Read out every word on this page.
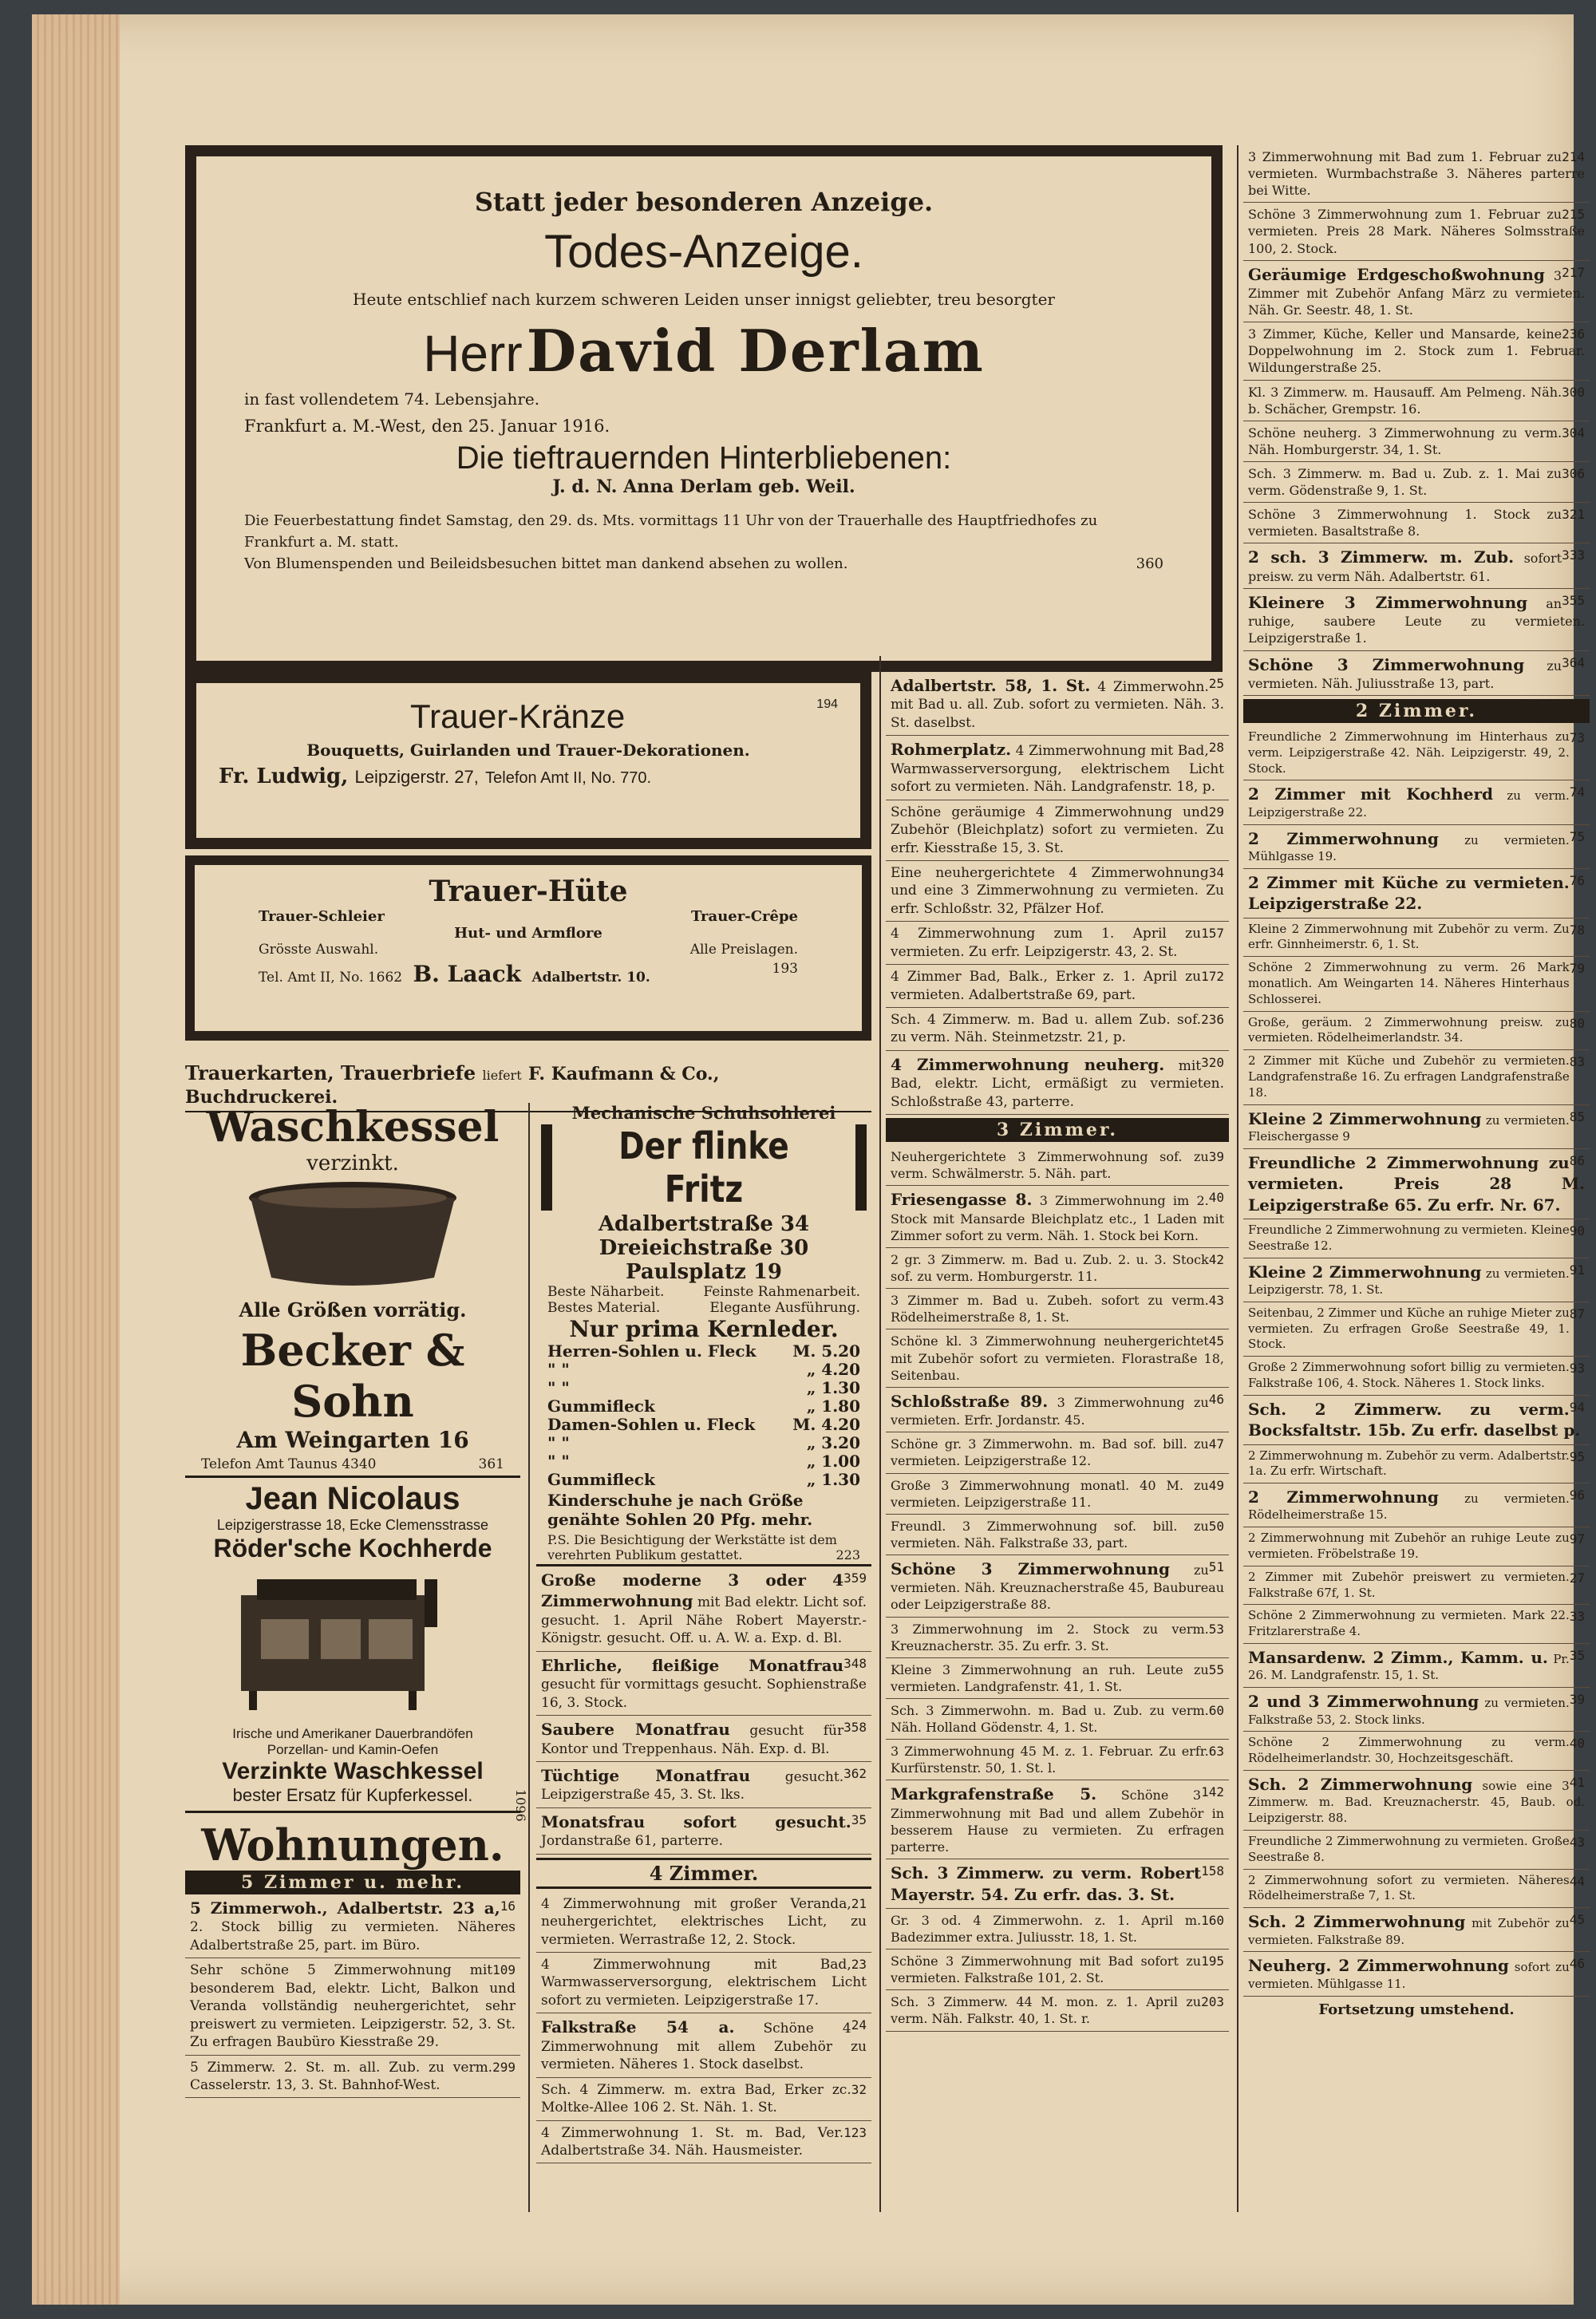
Statt jeder besonderen Anzeige.
Todes-Anzeige.
Heute entschlief nach kurzem schweren Leiden unser innigst geliebter, treu besorgter
Herr David Derlam
in fast vollendetem 74. Lebensjahre.
Frankfurt a. M.-West, den 25. Januar 1916.
Die tieftrauernden Hinterbliebenen:
J. d. N. Anna Derlam geb. Weil.
Die Feuerbestattung findet Samstag, den 29. ds. Mts. vormittags 11 Uhr von der Trauerhalle des Hauptfriedhofes zu Frankfurt a. M. statt.
Von Blumenspenden und Beileidsbesuchen bittet man dankend absehen zu wollen.	360
Trauer-Kränze	194
Bouquetts, Guirlanden und Trauer-Dekorationen.
Fr. Ludwig, Leipzigerstr. 27, Telefon Amt II, No. 770.
Trauer-Hüte
Trauer-Schleier	Trauer-Crêpe
Hut- und Armflore
Grösste Auswahl.	Alle Preislagen.
Tel. Amt II, No. 1662 B. Laack Adalbertstr. 10.
193
Trauerkarten, Trauerbriefe liefert F. Kaufmann & Co., Buchdruckerei.
Waschkessel
verzinkt.
Alle Größen vorrätig.
Becker & Sohn
Am Weingarten 16
Telefon Amt Taunus 4340	361
Jean Nicolaus
Leipzigerstrasse 18, Ecke Clemensstrasse
Röder'sche Kochherde
Irische und Amerikaner Dauerbrandöfen
Porzellan- und Kamin-Oefen
Verzinkte Waschkessel
bester Ersatz für Kupferkessel.	1096
Wohnungen.
5 Zimmer u. mehr.
16
5 Zimmerwoh., Adalbertstr. 23 a, 2. Stock billig zu vermieten. Näheres Adalbertstraße 25, part. im Büro.
109
Sehr schöne 5 Zimmerwohnung mit besonderem Bad, elektr. Licht, Balkon und Veranda vollständig neuhergerichtet, sehr preiswert zu vermieten. Leipzigerstr. 52, 3. St. Zu erfragen Baubüro Kiesstraße 29.
299
5 Zimmerw. 2. St. m. all. Zub. zu verm. Casselerstr. 13, 3. St. Bahnhof-West.
Mechanische Schuhsohlerei
Der flinke Fritz
Adalbertstraße 34
Dreieichstraße 30
Paulsplatz 19
Beste Näharbeit.	Feinste Rahmenarbeit.
Bestes Material.	Elegante Ausführung.
Nur prima Kernleder.
Herren-Sohlen u. Fleck M. 5.20
" "	„ 4.20
" "	„ 1.30
Gummifleck	„ 1.80
Damen-Sohlen u. Fleck M. 4.20
" "	„ 3.20
" "	„ 1.00
Gummifleck	„ 1.30
Kinderschuhe je nach Größe genähte Sohlen 20 Pfg. mehr.
P.S. Die Besichtigung der Werkstätte ist dem verehrten Publikum gestattet.	223
359
Große moderne 3 oder 4 Zimmerwohnung mit Bad elektr. Licht sof. gesucht. 1. April Nähe Robert Mayerstr.-Königstr. gesucht. Off. u. A. W. a. Exp. d. Bl.
348
Ehrliche, fleißige Monatfrau gesucht für vormittags gesucht. Sophienstraße 16, 3. Stock.
358
Saubere Monatfrau gesucht für Kontor und Treppenhaus. Näh. Exp. d. Bl.
362
Tüchtige Monatfrau	gesucht. Leipzigerstraße 45, 3. St. lks.
35
Monatsfrau sofort gesucht. Jordanstraße 61, parterre.
4 Zimmer.
21
4 Zimmerwohnung mit großer Veranda, neuhergerichtet, elektrisches Licht, zu vermieten. Werrastraße 12, 2. Stock.
23
4 Zimmerwohnung mit Bad, Warmwasserversorgung, elektrischem Licht sofort zu vermieten. Leipzigerstraße 17.
24
Falkstraße 54 a. Schöne 4 Zimmerwohnung mit allem Zubehör zu vermieten. Näheres 1. Stock daselbst.
32
Sch. 4 Zimmerw. m. extra Bad, Erker zc. Moltke-Allee 106 2. St. Näh. 1. St.
123
4 Zimmerwohnung 1. St. m. Bad, Ver. Adalbertstraße 34. Näh. Hausmeister.
25
Adalbertstr. 58, 1. St. 4 Zimmerwohn. mit Bad u. all. Zub. sofort zu vermieten. Näh. 3. St. daselbst.
28
Rohmerplatz. 4 Zimmerwohnung mit Bad, Warmwasserversorgung, elektrischem Licht sofort zu vermieten. Näh. Landgrafenstr. 18, p.
29
Schöne geräumige 4 Zimmerwohnung und Zubehör (Bleichplatz) sofort zu vermieten. Zu erfr. Kiesstraße 15, 3. St.
34
Eine neuhergerichtete 4 Zimmerwohnung und eine 3 Zimmerwohnung zu vermieten. Zu erfr. Schloßstr. 32, Pfälzer Hof.
157
4 Zimmerwohnung zum 1. April zu vermieten. Zu erfr. Leipzigerstr. 43, 2. St.
172
4 Zimmer Bad, Balk., Erker z. 1. April zu vermieten. Adalbertstraße 69, part.
236
Sch. 4 Zimmerw. m. Bad u. allem Zub. sof. zu verm. Näh. Steinmetzstr. 21, p.
320
4 Zimmerwohnung neuherg. mit Bad, elektr. Licht, ermäßigt zu vermieten. Schloßstraße 43, parterre.
3 Zimmer.
39
Neuhergerichtete 3 Zimmerwohnung sof. zu verm. Schwälmerstr. 5. Näh. part.
40
Friesengasse 8. 3 Zimmerwohnung im 2. Stock mit Mansarde Bleichplatz etc., 1 Laden mit Zimmer sofort zu verm. Näh. 1. Stock bei Korn.
42
2 gr. 3 Zimmerw. m. Bad u. Zub. 2. u. 3. Stock sof. zu verm. Homburgerstr. 11.
43
3 Zimmer m. Bad u. Zubeh. sofort zu verm. Rödelheimerstraße 8, 1. St.
45
Schöne kl. 3 Zimmerwohnung neuhergerichtet mit Zubehör sofort zu vermieten. Florastraße 18, Seitenbau.
46
Schloßstraße 89. 3 Zimmerwohnung zu vermieten. Erfr. Jordanstr. 45.
47
Schöne gr. 3 Zimmerwohn. m. Bad sof. bill. zu vermieten. Leipzigerstraße 12.
49
Große 3 Zimmerwohnung monatl. 40 M. zu vermieten. Leipzigerstraße 11.
50
Freundl. 3 Zimmerwohnung sof. bill. zu vermieten. Näh. Falkstraße 33, part.
51
Schöne 3 Zimmerwohnung zu vermieten. Näh. Kreuznacherstraße 45, Baubureau oder Leipzigerstraße 88.
53
3 Zimmerwohnung im 2. Stock zu verm. Kreuznacherstr. 35. Zu erfr. 3. St.
55
Kleine 3 Zimmerwohnung an ruh. Leute zu vermieten. Landgrafenstr. 41, 1. St.
60
Sch. 3 Zimmerwohn. m. Bad u. Zub. zu verm. Näh. Holland Gödenstr. 4, 1. St.
63
3 Zimmerwohnung 45 M. z. 1. Februar. Zu erfr. Kurfürstenstr. 50, 1. St. l.
142
Markgrafenstraße 5. Schöne 3 Zimmerwohnung mit Bad und allem Zubehör in besserem Hause zu vermieten. Zu erfragen parterre.
158
Sch. 3 Zimmerw. zu verm. Robert Mayerstr. 54. Zu erfr. das. 3. St.
160
Gr. 3 od. 4 Zimmerwohn. z. 1. April m. Badezimmer extra. Juliusstr. 18, 1. St.
195
Schöne 3 Zimmerwohnung mit Bad sofort zu vermieten. Falkstraße 101, 2. St.
203
Sch. 3 Zimmerw. 44 M. mon. z. 1. April zu verm. Näh. Falkstr. 40, 1. St. r.
214
3 Zimmerwohnung mit Bad zum 1. Februar zu vermieten. Wurmbachstraße 3. Näheres parterre bei Witte.
215
Schöne 3 Zimmerwohnung zum 1. Februar zu vermieten. Preis 28 Mark. Näheres Solmsstraße 100, 2. Stock.
217
Geräumige Erdgeschoßwohnung 3 Zimmer mit Zubehör Anfang März zu vermieten. Näh. Gr. Seestr. 48, 1. St.
236
3 Zimmer, Küche, Keller und Mansarde, keine Doppelwohnung im 2. Stock zum 1. Februar. Wildungerstraße 25.
300
Kl. 3 Zimmerw. m. Hausauff. Am Pelmeng. Näh. b. Schächer, Grempstr. 16.
304
Schöne neuherg. 3 Zimmerwohnung zu verm. Näh. Homburgerstr. 34, 1. St.
306
Sch. 3 Zimmerw. m. Bad u. Zub. z. 1. Mai zu verm. Gödenstraße 9, 1. St.
321
Schöne 3 Zimmerwohnung 1. Stock zu vermieten. Basaltstraße 8.
333
2 sch. 3 Zimmerw. m. Zub. sofort preisw. zu verm Näh. Adalbertstr. 61.
355
Kleinere 3 Zimmerwohnung an ruhige, saubere Leute zu vermieten. Leipzigerstraße 1.
364
Schöne 3 Zimmerwohnung zu vermieten. Näh. Juliusstraße 13, part.
2 Zimmer.
73
Freundliche 2 Zimmerwohnung im Hinterhaus zu verm. Leipzigerstraße 42. Näh. Leipzigerstr. 49, 2. Stock.
74
2 Zimmer mit Kochherd zu verm. Leipzigerstraße 22.
75
2 Zimmerwohnung zu vermieten. Mühlgasse 19.
76
2 Zimmer mit Küche zu vermieten. Leipzigerstraße 22.
78
Kleine 2 Zimmerwohnung mit Zubehör zu verm. Zu erfr. Ginnheimerstr. 6, 1. St.
79
Schöne 2 Zimmerwohnung zu verm. 26 Mark monatlich. Am Weingarten 14. Näheres Hinterhaus Schlosserei.
80
Große, geräum. 2 Zimmerwohnung preisw. zu vermieten. Rödelheimerlandstr. 34.
83
2 Zimmer mit Küche und Zubehör zu vermieten. Landgrafenstraße 16. Zu erfragen Landgrafenstraße 18.
85
Kleine 2 Zimmerwohnung zu vermieten. Fleischergasse 9
86
Freundliche 2 Zimmerwohnung zu vermieten. Preis 28 M. Leipzigerstraße 65. Zu erfr. Nr. 67.
90
Freundliche 2 Zimmerwohnung zu vermieten. Kleine Seestraße 12.
91
Kleine 2 Zimmerwohnung zu vermieten. Leipzigerstr. 78, 1. St.
87
Seitenbau, 2 Zimmer und Küche an ruhige Mieter zu vermieten. Zu erfragen Große Seestraße 49, 1. Stock.
93
Große 2 Zimmerwohnung sofort billig zu vermieten. Falkstraße 106, 4. Stock. Näheres 1. Stock links.
94
Sch. 2 Zimmerw. zu verm. Bocksfaltstr. 15b. Zu erfr. daselbst p.
95
2 Zimmerwohnung m. Zubehör zu verm. Adalbertstr. 1a. Zu erfr. Wirtschaft.
96
2 Zimmerwohnung zu vermieten. Rödelheimerstraße 15.
97
2 Zimmerwohnung mit Zubehör an ruhige Leute zu vermieten. Fröbelstraße 19.
27
2 Zimmer mit Zubehör preiswert zu vermieten. Falkstraße 67f, 1. St.
33
Schöne 2 Zimmerwohnung zu vermieten. Mark 22. Fritzlarerstraße 4.
35
Mansardenw. 2 Zimm., Kamm. u. Pr. 26. M. Landgrafenstr. 15, 1. St.
39
2 und 3 Zimmerwohnung zu vermieten. Falkstraße 53, 2. Stock links.
40
Schöne 2 Zimmerwohnung zu verm. Rödelheimerlandstr. 30, Hochzeitsgeschäft.
41
Sch. 2 Zimmerwohnung sowie eine 3 Zimmerw. m. Bad. Kreuznacherstr. 45, Baub. od. Leipzigerstr. 88.
43
Freundliche 2 Zimmerwohnung zu vermieten. Große Seestraße 8.
44
2 Zimmerwohnung sofort zu vermieten. Näheres Rödelheimerstraße 7, 1. St.
45
Sch. 2 Zimmerwohnung mit Zubehör zu vermieten. Falkstraße 89.
46
Neuherg. 2 Zimmerwohnung sofort zu vermieten. Mühlgasse 11.
Fortsetzung umstehend.
